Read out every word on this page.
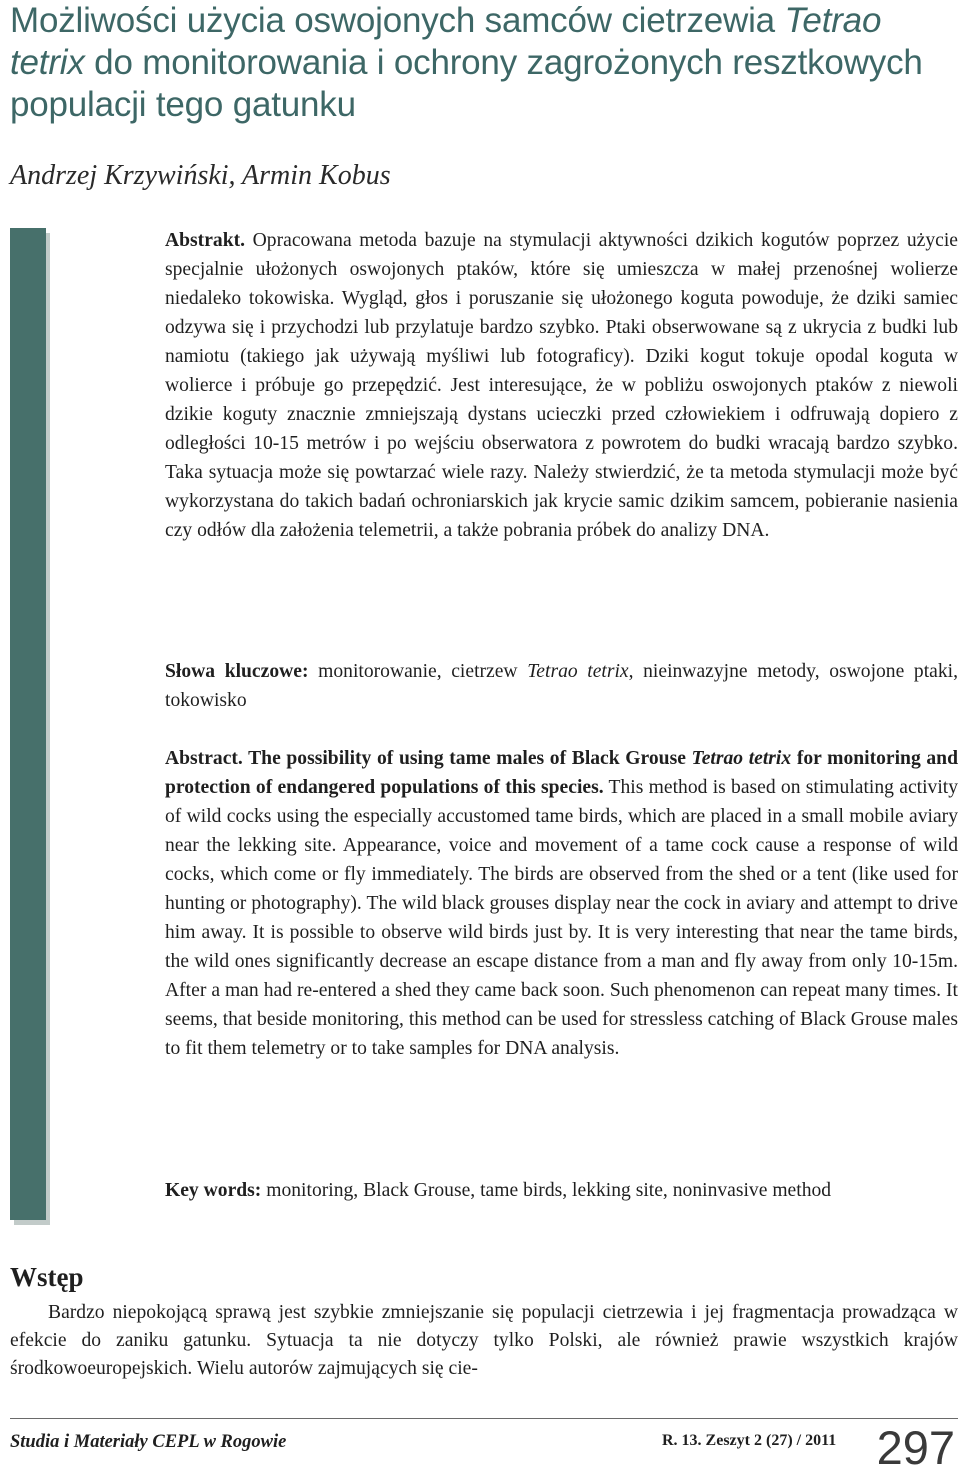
Możliwości użycia oswojonych samców cietrzewia Tetrao tetrix do monitorowania i ochrony zagrożonych resztkowych populacji tego gatunku

Andrzej Krzywiński, Armin Kobus

Abstrakt. Opracowana metoda bazuje na stymulacji aktywności dzikich kogutów poprzez użycie specjalnie ułożonych oswojonych ptaków, które się umieszcza w małej przenośnej wolierze niedaleko tokowiska. Wygląd, głos i poruszanie się ułożonego koguta powoduje, że dziki samiec odzywa się i przychodzi lub przylatuje bardzo szybko. Ptaki obserwowane są z ukrycia z budki lub namiotu (takiego jak używają myśliwi lub fotograficy). Dziki kogut tokuje opodal koguta w wolierce i próbuje go przepędzić. Jest interesujące, że w pobliżu oswojonych ptaków z niewoli dzikie koguty znacznie zmniejszają dystans ucieczki przed człowiekiem i odfruwają dopiero z odległości 10-15 metrów i po wejściu obserwatora z powrotem do budki wracają bardzo szybko. Taka sytuacja może się powtarzać wiele razy. Należy stwierdzić, że ta metoda stymulacji może być wykorzystana do takich badań ochroniarskich jak krycie samic dzikim samcem, pobieranie nasienia czy odłów dla założenia telemetrii, a także pobrania próbek do analizy DNA.

Słowa kluczowe: monitorowanie, cietrzew Tetrao tetrix, nieinwazyjne metody, oswojone ptaki, tokowisko

Abstract. The possibility of using tame males of Black Grouse Tetrao tetrix for monitoring and protection of endangered populations of this species. This method is based on stimulating activity of wild cocks using the especially accustomed tame birds, which are placed in a small mobile aviary near the lekking site. Appearance, voice and movement of a tame cock cause a response of wild cocks, which come or fly immediately. The birds are observed from the shed or a tent (like used for hunting or photography). The wild black grouses display near the cock in aviary and attempt to drive him away. It is possible to observe wild birds just by. It is very interesting that near the tame birds, the wild ones significantly decrease an escape distance from a man and fly away from only 10-15m. After a man had re-entered a shed they came back soon. Such phenomenon can repeat many times. It seems, that beside monitoring, this method can be used for stressless catching of Black Grouse males to fit them telemetry or to take samples for DNA analysis.

Key words: monitoring, Black Grouse, tame birds, lekking site, noninvasive method

Wstęp

Bardzo niepokojącą sprawą jest szybkie zmniejszanie się populacji cietrzewia i jej fragmentacja prowadząca w efekcie do zaniku gatunku. Sytuacja ta nie dotyczy tylko Polski, ale również prawie wszystkich krajów środkowoeuropejskich. Wielu autorów zajmujących się cie-

Studia i Materiały CEPL w Rogowie	R. 13. Zeszyt 2 (27) / 2011 297
